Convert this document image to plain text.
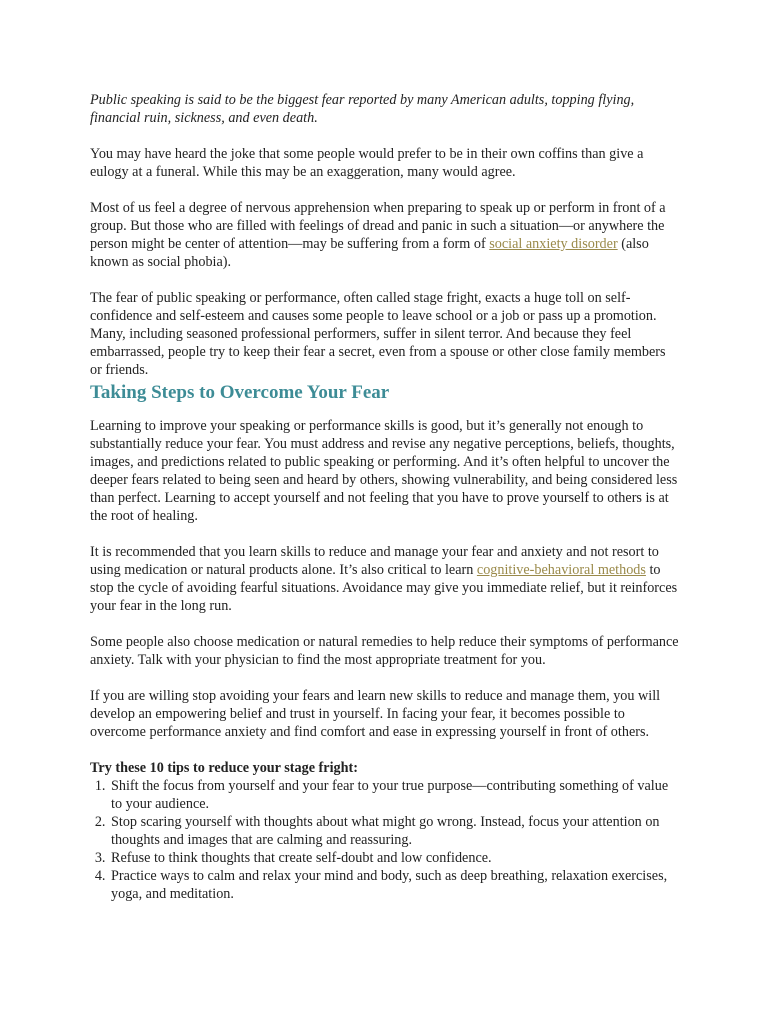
Public speaking is said to be the biggest fear reported by many American adults, topping flying, financial ruin, sickness, and even death.

You may have heard the joke that some people would prefer to be in their own coffins than give a eulogy at a funeral. While this may be an exaggeration, many would agree.

Most of us feel a degree of nervous apprehension when preparing to speak up or perform in front of a group. But those who are filled with feelings of dread and panic in such a situation—or anywhere the person might be center of attention—may be suffering from a form of social anxiety disorder (also known as social phobia).

The fear of public speaking or performance, often called stage fright, exacts a huge toll on self-confidence and self-esteem and causes some people to leave school or a job or pass up a promotion. Many, including seasoned professional performers, suffer in silent terror. And because they feel embarrassed, people try to keep their fear a secret, even from a spouse or other close family members or friends.

Taking Steps to Overcome Your Fear

Learning to improve your speaking or performance skills is good, but it’s generally not enough to substantially reduce your fear. You must address and revise any negative perceptions, beliefs, thoughts, images, and predictions related to public speaking or performing. And it’s often helpful to uncover the deeper fears related to being seen and heard by others, showing vulnerability, and being considered less than perfect. Learning to accept yourself and not feeling that you have to prove yourself to others is at the root of healing.

It is recommended that you learn skills to reduce and manage your fear and anxiety and not resort to using medication or natural products alone. It’s also critical to learn cognitive-behavioral methods to stop the cycle of avoiding fearful situations. Avoidance may give you immediate relief, but it reinforces your fear in the long run.

Some people also choose medication or natural remedies to help reduce their symptoms of performance anxiety. Talk with your physician to find the most appropriate treatment for you.

If you are willing stop avoiding your fears and learn new skills to reduce and manage them, you will develop an empowering belief and trust in yourself. In facing your fear, it becomes possible to overcome performance anxiety and find comfort and ease in expressing yourself in front of others.

Try these 10 tips to reduce your stage fright:

1. Shift the focus from yourself and your fear to your true purpose—contributing something of value to your audience.
2. Stop scaring yourself with thoughts about what might go wrong. Instead, focus your attention on thoughts and images that are calming and reassuring.
3. Refuse to think thoughts that create self-doubt and low confidence.
4. Practice ways to calm and relax your mind and body, such as deep breathing, relaxation exercises, yoga, and meditation.
